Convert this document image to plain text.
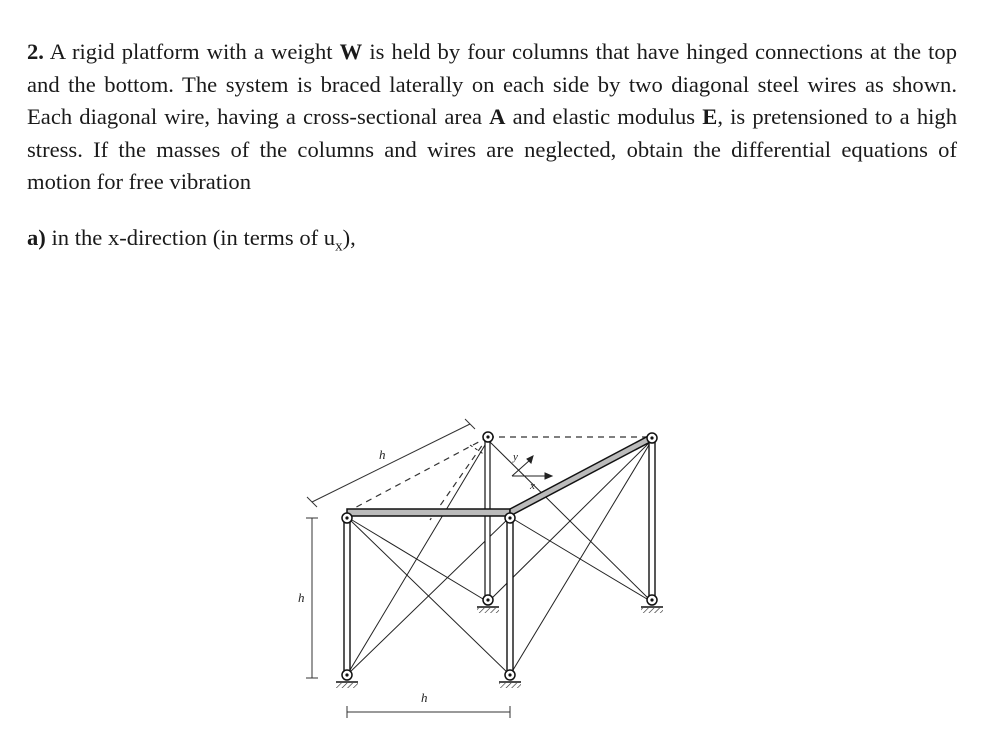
2. A rigid platform with a weight W is held by four columns that have hinged connections at the top and the bottom. The system is braced laterally on each side by two diagonal steel wires as shown. Each diagonal wire, having a cross-sectional area A and elastic modulus E, is pretensioned to a high stress. If the masses of the columns and wires are neglected, obtain the differential equations of motion for free vibration

a) in the x-direction (in terms of $u_x$),

h
h
h
y
x
